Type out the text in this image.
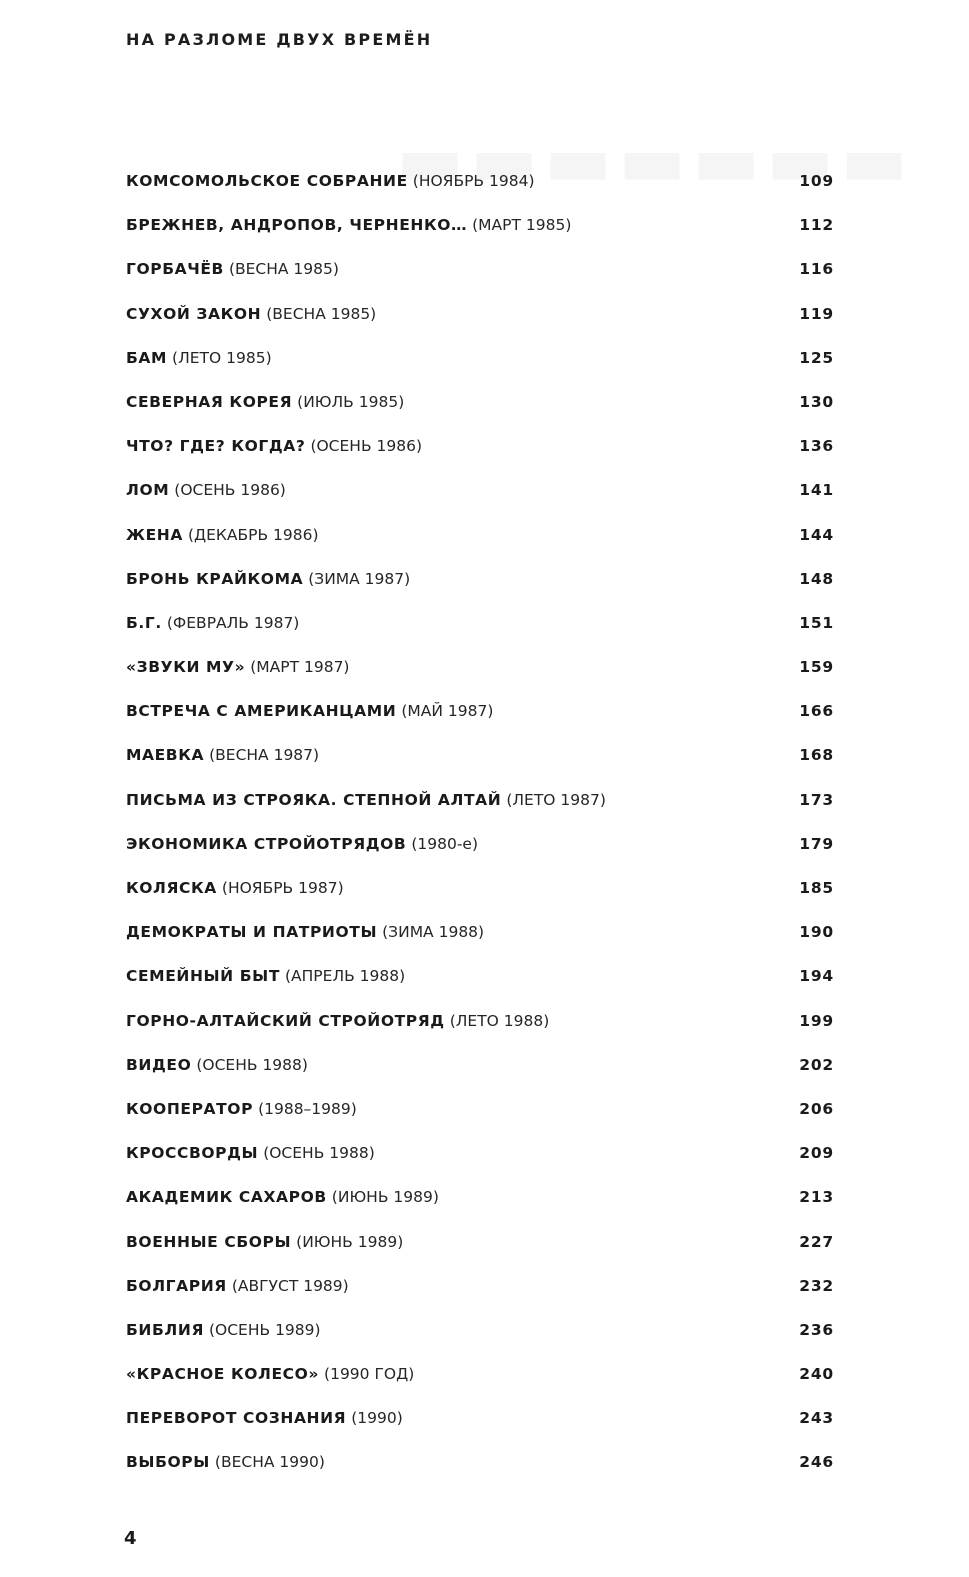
НА РАЗЛОМЕ ДВУХ ВРЕМЁН
КОМСОМОЛЬСКОЕ СОБРАНИЕ (НОЯБРЬ 1984)	109
БРЕЖНЕВ, АНДРОПОВ, ЧЕРНЕНКО… (МАРТ 1985)	112
ГОРБАЧЁВ (ВЕСНА 1985)	116
СУХОЙ ЗАКОН (ВЕСНА 1985)	119
БАМ (ЛЕТО 1985)	125
СЕВЕРНАЯ КОРЕЯ (ИЮЛЬ 1985)	130
ЧТО? ГДЕ? КОГДА? (ОСЕНЬ 1986)	136
ЛОМ (ОСЕНЬ 1986)	141
ЖЕНА (ДЕКАБРЬ 1986)	144
БРОНЬ КРАЙКОМА (ЗИМА 1987)	148
Б.Г. (ФЕВРАЛЬ 1987)	151
«ЗВУКИ МУ» (МАРТ 1987)	159
ВСТРЕЧА С АМЕРИКАНЦАМИ (МАЙ 1987)	166
МАЕВКА (ВЕСНА 1987)	168
ПИСЬМА ИЗ СТРОЯКА. СТЕПНОЙ АЛТАЙ (ЛЕТО 1987)	173
ЭКОНОМИКА СТРОЙОТРЯДОВ (1980-е)	179
КОЛЯСКА (НОЯБРЬ 1987)	185
ДЕМОКРАТЫ И ПАТРИОТЫ (ЗИМА 1988)	190
СЕМЕЙНЫЙ БЫТ (АПРЕЛЬ 1988)	194
ГОРНО-АЛТАЙСКИЙ СТРОЙОТРЯД (ЛЕТО 1988)	199
ВИДЕО (ОСЕНЬ 1988)	202
КООПЕРАТОР (1988–1989)	206
КРОССВОРДЫ (ОСЕНЬ 1988)	209
АКАДЕМИК САХАРОВ (ИЮНЬ 1989)	213
ВОЕННЫЕ СБОРЫ (ИЮНЬ 1989)	227
БОЛГАРИЯ (АВГУСТ 1989)	232
БИБЛИЯ (ОСЕНЬ 1989)	236
«КРАСНОЕ КОЛЕСО» (1990 ГОД)	240
ПЕРЕВОРОТ СОЗНАНИЯ (1990)	243
ВЫБОРЫ (ВЕСНА 1990)	246
4
